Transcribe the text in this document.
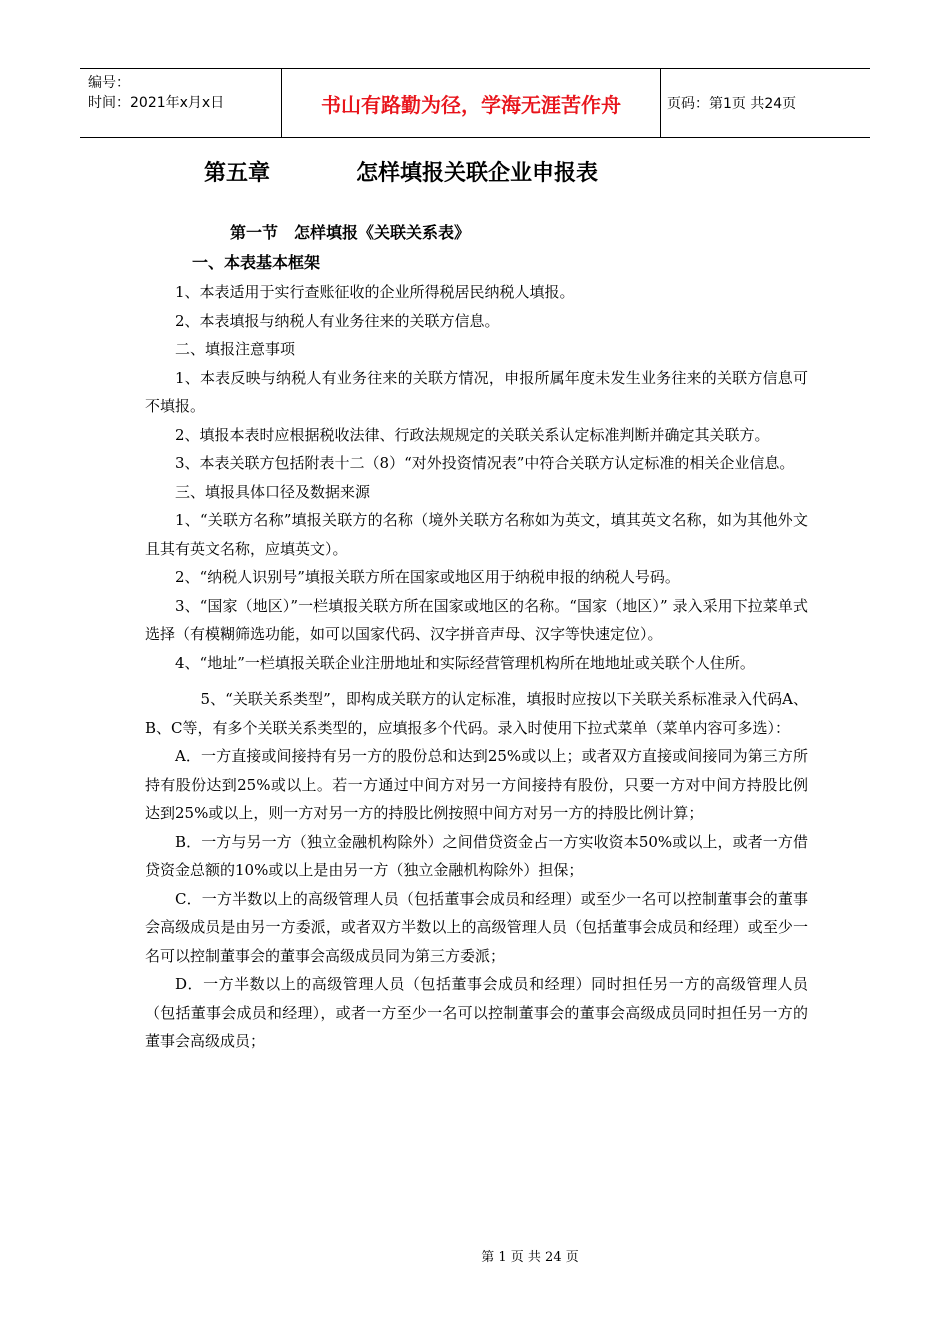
编号：
时间：2021年x月x日	书山有路勤为径，学海无涯苦作舟	页码：第1页 共24页
第五章	怎样填报关联企业申报表
第一节　怎样填报《关联关系表》
一、本表基本框架

1、本表适用于实行查账征收的企业所得税居民纳税人填报。

2、本表填报与纳税人有业务往来的关联方信息。

二、填报注意事项

1、本表反映与纳税人有业务往来的关联方情况，申报所属年度未发生业务往来的关联方信息可不填报。

2、填报本表时应根据税收法律、行政法规规定的关联关系认定标准判断并确定其关联方。

3、本表关联方包括附表十二（8）“对外投资情况表”中符合关联方认定标准的相关企业信息。

三、填报具体口径及数据来源

1、“关联方名称”填报关联方的名称（境外关联方名称如为英文，填其英文名称，如为其他外文且其有英文名称，应填英文）。

2、“纳税人识别号”填报关联方所在国家或地区用于纳税申报的纳税人号码。

3、“国家（地区）”一栏填报关联方所在国家或地区的名称。“国家（地区）” 录入采用下拉菜单式选择（有模糊筛选功能，如可以国家代码、汉字拼音声母、汉字等快速定位）。

4、“地址”一栏填报关联企业注册地址和实际经营管理机构所在地地址或关联个人住所。

5、“关联关系类型”，即构成关联方的认定标准，填报时应按以下关联关系标准录入代码A、B、C等，有多个关联关系类型的，应填报多个代码。录入时使用下拉式菜单（菜单内容可多选）：

A．一方直接或间接持有另一方的股份总和达到25%或以上；或者双方直接或间接同为第三方所持有股份达到25%或以上。若一方通过中间方对另一方间接持有股份，只要一方对中间方持股比例达到25%或以上，则一方对另一方的持股比例按照中间方对另一方的持股比例计算；

B．一方与另一方（独立金融机构除外）之间借贷资金占一方实收资本50%或以上，或者一方借贷资金总额的10%或以上是由另一方（独立金融机构除外）担保；

C．一方半数以上的高级管理人员（包括董事会成员和经理）或至少一名可以控制董事会的董事会高级成员是由另一方委派，或者双方半数以上的高级管理人员（包括董事会成员和经理）或至少一名可以控制董事会的董事会高级成员同为第三方委派；

D．一方半数以上的高级管理人员（包括董事会成员和经理）同时担任另一方的高级管理人员（包括董事会成员和经理），或者一方至少一名可以控制董事会的董事会高级成员同时担任另一方的董事会高级成员；

第 1 页 共 24 页
